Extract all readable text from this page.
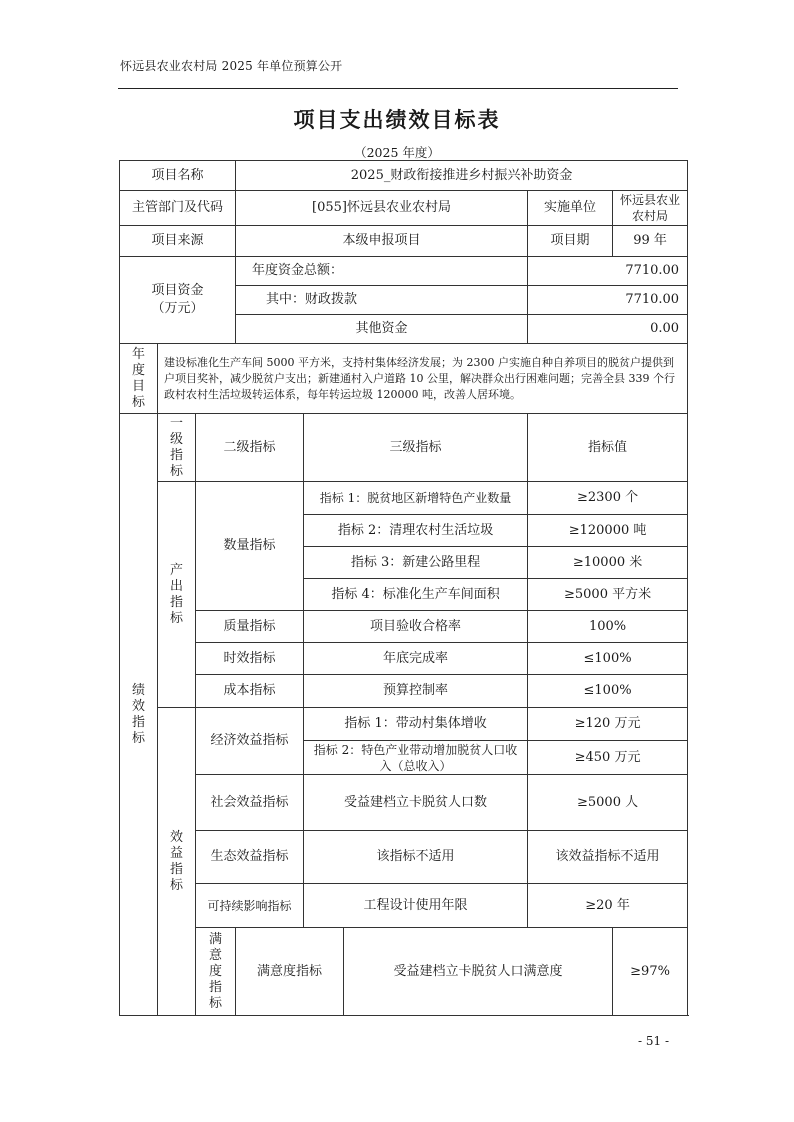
怀远县农业农村局 2025 年单位预算公开
项目支出绩效目标表
（2025 年度）
项目名称			2025_财政衔接推进乡村振兴补助资金				
主管部门及代码			[055]怀远县农业农村局			实施单位	怀远县农业农村局
项目来源			本级申报项目			项目期	99 年

项目资金（万元）			年度资金总额：			7710.00	
			其中：财政拨款			7710.00	
			其他资金			0.00	

年度目标	建设标准化生产车间 5000 平方米，支持村集体经济发展；为 2300 户实施自种自养项目的脱贫户提供到户项目奖补，减少脱贫户支出；新建通村入户道路 10 公里，解决群众出行困难问题；完善全县 339 个行政村农村生活垃圾转运体系，每年转运垃圾 120000 吨，改善人居环境。						

绩效指标	一级指标	二级指标		三级指标		指标值	

	产出指标	数量指标		指标 1：脱贫地区新增特色产业数量		≥2300 个	
				指标 2：清理农村生活垃圾		≥120000 吨	
				指标 3：新建公路里程		≥10000 米	
				指标 4：标准化生产车间面积		≥5000 平方米	
		质量指标		项目验收合格率		100%	
		时效指标		年底完成率		≤100%	
		成本指标		预算控制率		≤100%	

	效益指标	经济效益指标		指标 1：带动村集体增收		≥120 万元	
				指标 2：特色产业带动增加脱贫人口收入（总收入）		≥450 万元	
		社会效益指标		受益建档立卡脱贫人口数		≥5000 人	
		生态效益指标		该指标不适用		该效益指标不适用	
		可持续影响指标		工程设计使用年限		≥20 年	

		满意度指标	满意度指标		受益建档立卡脱贫人口满意度		≥97%
- 51 -
